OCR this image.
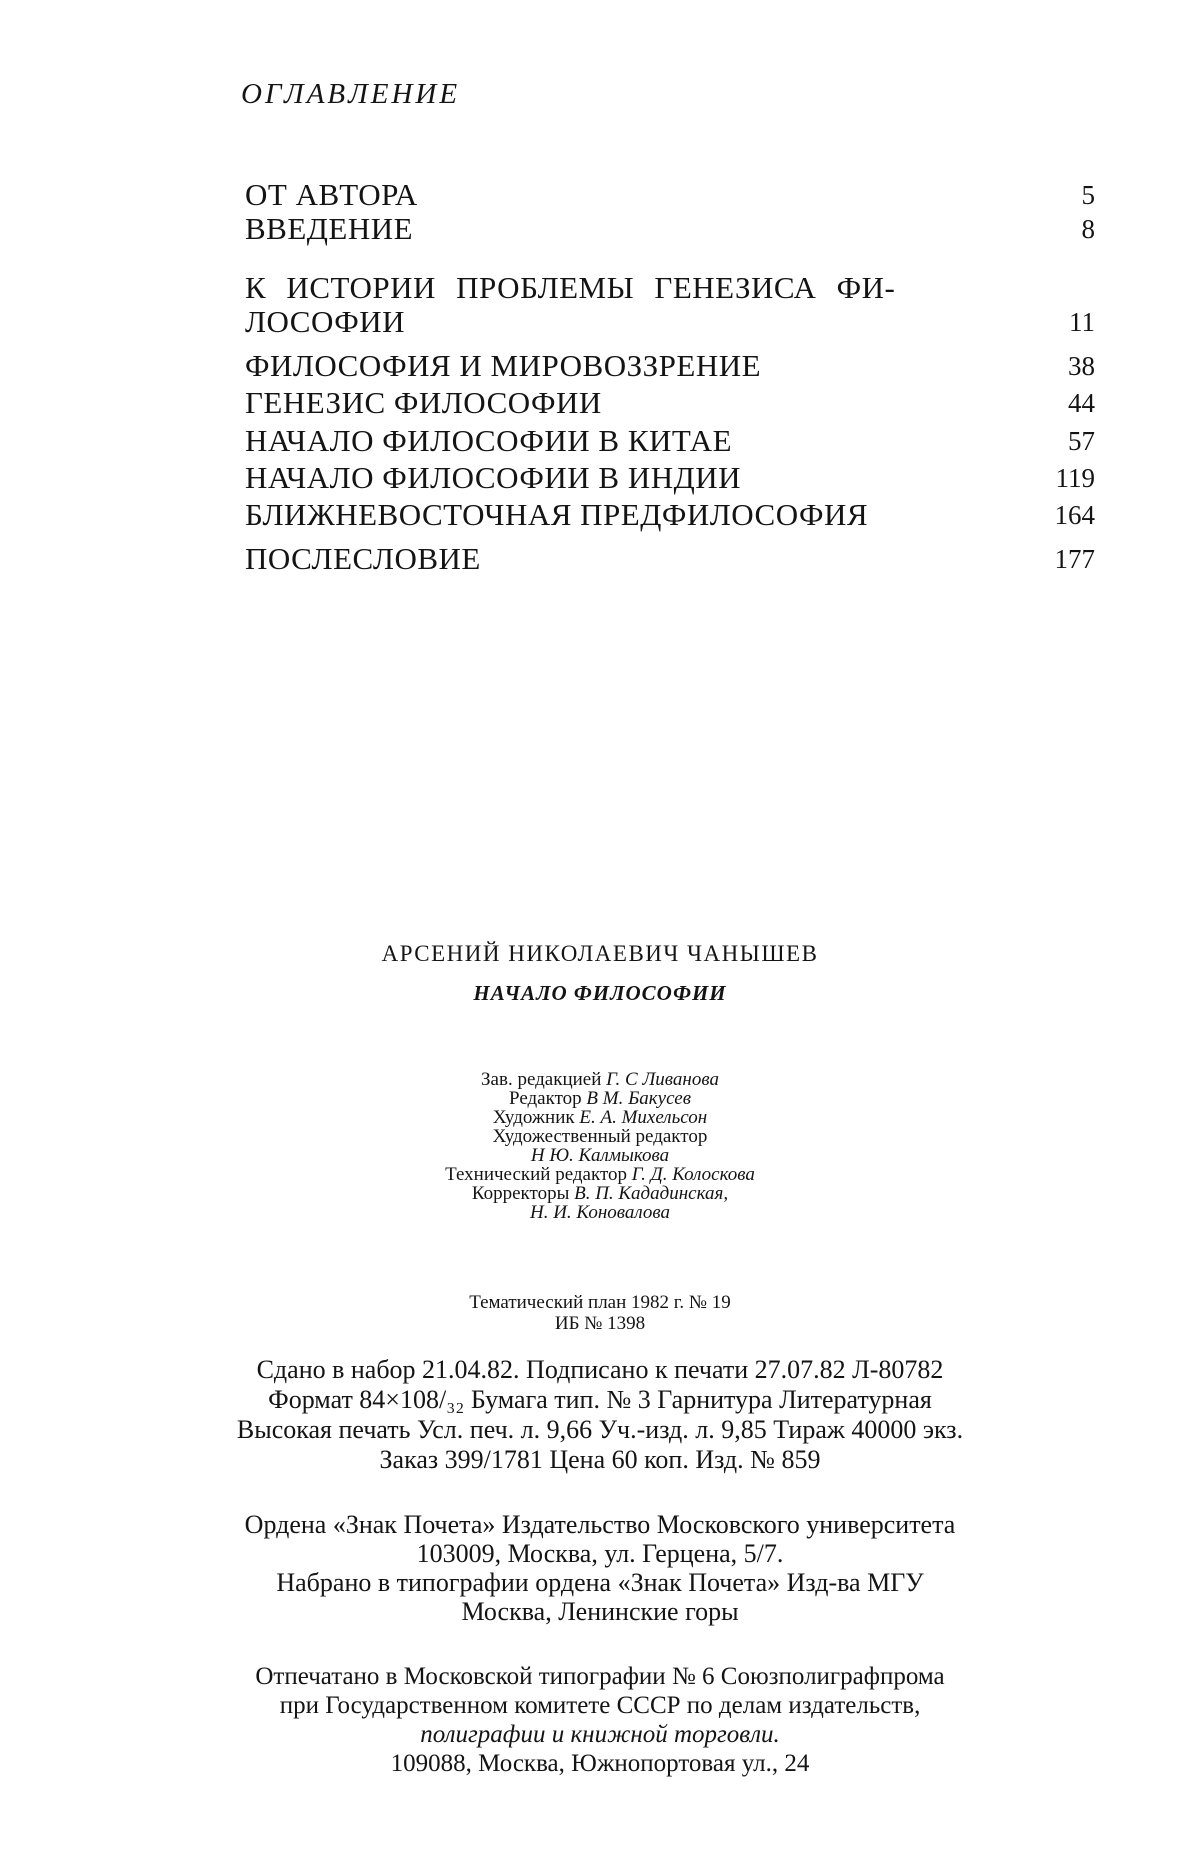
ОГЛАВЛЕНИЕ
ОТ АВТОРА	5
ВВЕДЕНИЕ	8
К ИСТОРИИ ПРОБЛЕМЫ ГЕНЕЗИСА ФИ-
ЛОСОФИИ	11
ФИЛОСОФИЯ И МИРОВОЗЗРЕНИЕ	38
ГЕНЕЗИС ФИЛОСОФИИ	44
НАЧАЛО ФИЛОСОФИИ В КИТАЕ	57
НАЧАЛО ФИЛОСОФИИ В ИНДИИ	119
БЛИЖНЕВОСТОЧНАЯ ПРЕДФИЛОСОФИЯ	164
ПОСЛЕСЛОВИЕ	177
АРСЕНИЙ НИКОЛАЕВИЧ ЧАНЫШЕВ
НАЧАЛО ФИЛОСОФИИ
Зав. редакцией Г. С Ливанова
Редактор В М. Бакусев
Художник Е. А. Михельсон
Художественный редактор
Н Ю. Калмыкова
Технический редактор Г. Д. Колоскова
Корректоры В. П. Кададинская,
Н. И. Коновалова
Тематический план 1982 г. № 19
ИБ № 1398
Сдано в набор 21.04.82. Подписано к печати 27.07.82 Л-80782
Формат 84×108/₃₂ Бумага тип. № 3 Гарнитура Литературная
Высокая печать Усл. печ. л. 9,66 Уч.-изд. л. 9,85 Тираж 40000 экз.
Заказ 399/1781 Цена 60 коп. Изд. № 859
Ордена «Знак Почета» Издательство Московского университета
103009, Москва, ул. Герцена, 5/7.
Набрано в типографии ордена «Знак Почета» Изд-ва МГУ
Москва, Ленинские горы
Отпечатано в Московской типографии № 6 Союзполиграфпрома
при Государственном комитете СССР по делам издательств,
полиграфии и книжной торговли.
109088, Москва, Южнопортовая ул., 24
